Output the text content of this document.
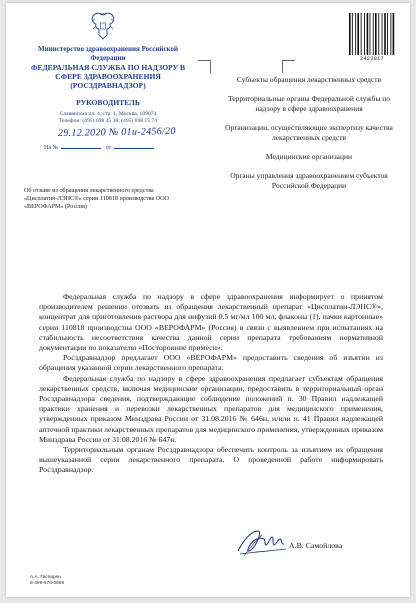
Министерство здравоохранения Российской Федерации
ФЕДЕРАЛЬНАЯ СЛУЖБА ПО НАДЗОРУ В СФЕРЕ ЗДРАВООХРАНЕНИЯ (РОСЗДРАВНАДЗОР)
РУКОВОДИТЕЛЬ
Славянская пл. 4, стр. 1, Москва, 109074
Телефон: (495) 698 45 38; (495) 698 15 74
29.12.2020 № 01и-2456/20
На №	от
Об отзыве из обращения лекарственного средства «Цисплатин-ЛЭНС®» серии 110818 производства ООО «ВЕРОФАРМ» (Россия)
2422017
Субъекты обращения лекарственных средств
Территориальные органы Федеральной службы по надзору в сфере здравоохранения
Организации, осуществляющие экспертизу качества лекарственных средств
Медицинские организации
Органы управления здравоохранением субъектов Российской Федерации

Федеральная служба по надзору в сфере здравоохранения информирует о принятом производителем решении отозвать из обращения лекарственный препарат «Цисплатин-ЛЭНС®», концентрат для приготовления раствора для инфузий 0.5 мг/мл 100 мл, флаконы (1), пачки картонные» серии 110818 производства ООО «ВЕРОФАРМ» (Россия) в связи с выявлением при испытаниях на стабильность несоответствия качества данной серии препарата требованиям нормативной документации по показателю «Посторонние примеси».

Росздравнадзор предлагает ООО «ВЕРОФАРМ» предоставить сведения об изъятии из обращения указанной серии лекарственного препарата.

Федеральная служба по надзору в сфере здравоохранения предлагает субъектам обращения лекарственных средств, включая медицинские организации, предоставить в территориальный орган Росздравнадзора сведения, подтверждающие соблюдение положений п. 30 Правил надлежащей практики хранения и перевозки лекарственных препаратов для медицинского применения, утвержденных приказом Минздрава России от 31.08.2016 № 646н, и/или п. 41 Правил надлежащей аптечной практики лекарственных препаратов для медицинского применения, утвержденных приказом Минздрава России от 31.08.2016 № 647н.

Территориальным органам Росздравнадзора обеспечить контроль за изъятием из обращения вышеуказанной серии лекарственного препарата. О проведенной работе информировать Росздравнадзор.

А.В. Самойлова
А.А. Гаспарян
8-499-578-0668
